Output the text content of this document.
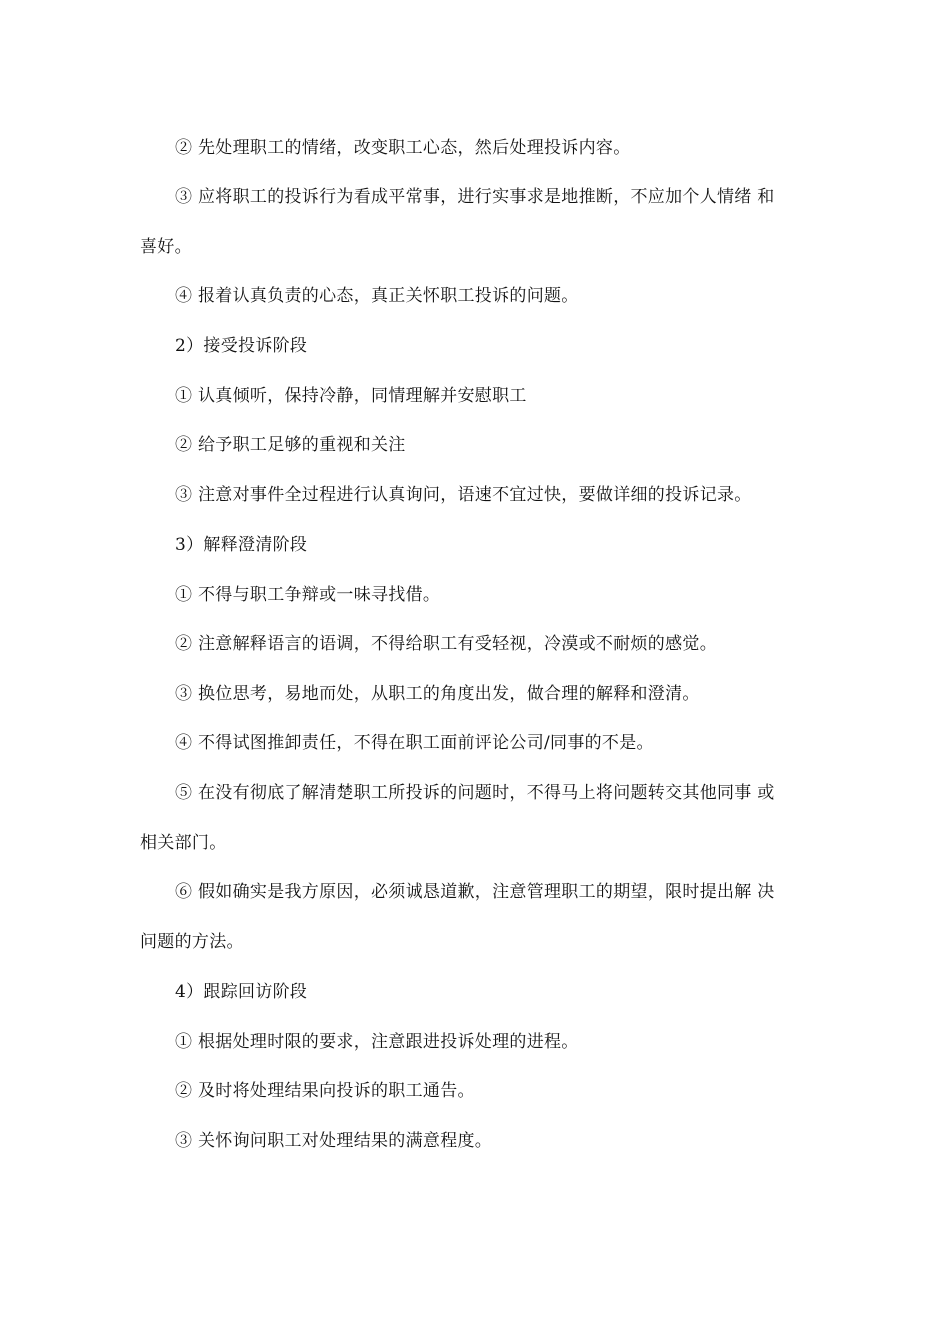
② 先处理职工的情绪，改变职工心态，然后处理投诉内容。

③ 应将职工的投诉行为看成平常事，进行实事求是地推断，不应加个人情绪 和
喜好。

④ 报着认真负责的心态，真正关怀职工投诉的问题。

2）接受投诉阶段

① 认真倾听，保持冷静，同情理解并安慰职工

② 给予职工足够的重视和关注

③ 注意对事件全过程进行认真询问，语速不宜过快，要做详细的投诉记录。

3）解释澄清阶段

① 不得与职工争辩或一味寻找借。

② 注意解释语言的语调，不得给职工有受轻视，冷漠或不耐烦的感觉。

③ 换位思考，易地而处，从职工的角度出发，做合理的解释和澄清。

④ 不得试图推卸责任，不得在职工面前评论公司/同事的不是。

⑤ 在没有彻底了解清楚职工所投诉的问题时，不得马上将问题转交其他同事 或
相关部门。

⑥ 假如确实是我方原因，必须诚恳道歉，注意管理职工的期望，限时提出解 决
问题的方法。

4）跟踪回访阶段

① 根据处理时限的要求，注意跟进投诉处理的进程。

② 及时将处理结果向投诉的职工通告。

③ 关怀询问职工对处理结果的满意程度。
